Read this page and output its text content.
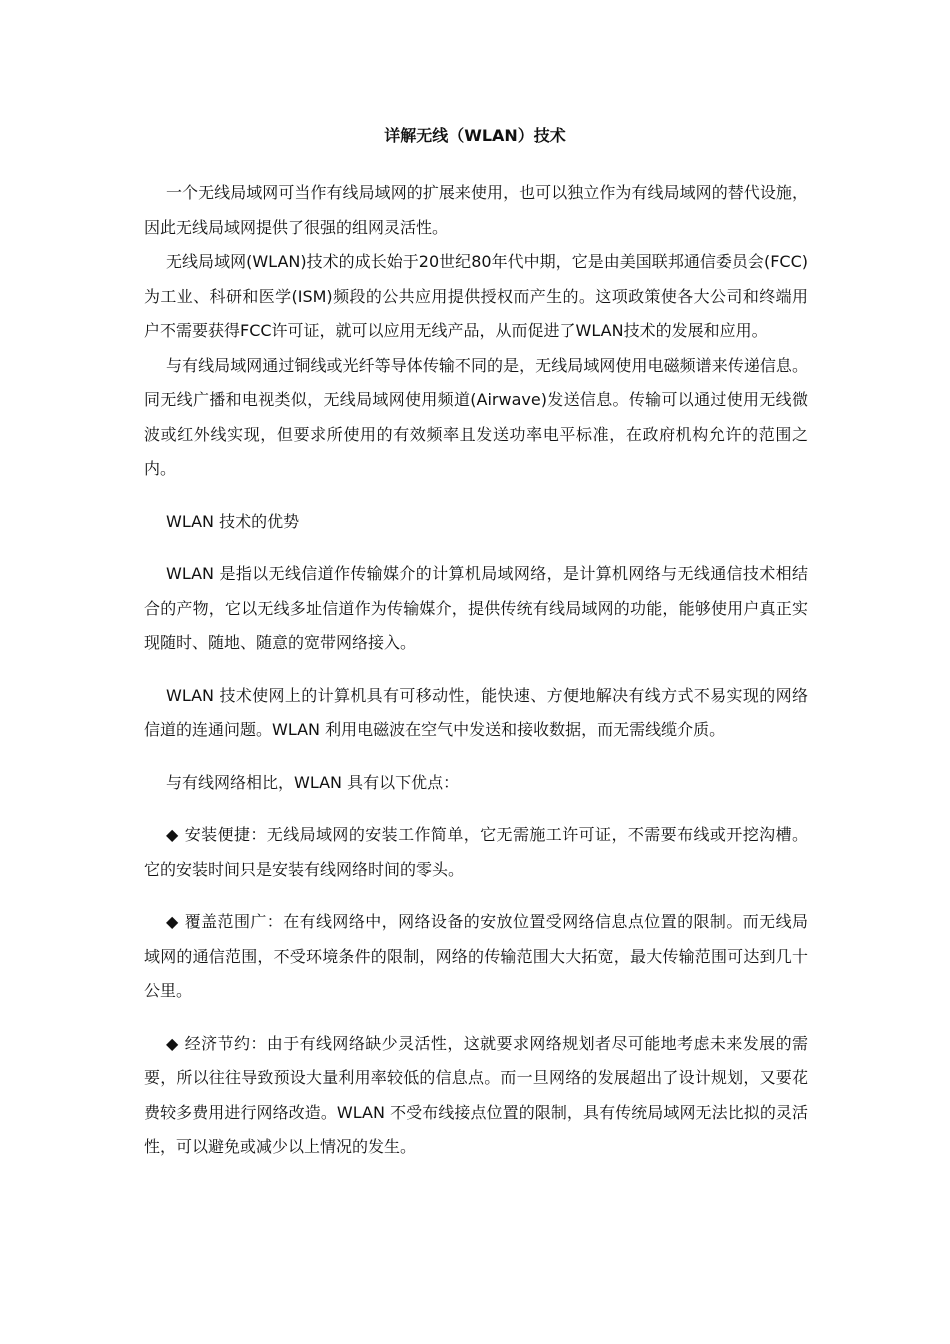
详解无线（WLAN）技术

一个无线局域网可当作有线局域网的扩展来使用，也可以独立作为有线局域网的替代设施，因此无线局域网提供了很强的组网灵活性。

无线局域网(WLAN)技术的成长始于20世纪80年代中期，它是由美国联邦通信委员会(FCC)为工业、科研和医学(ISM)频段的公共应用提供授权而产生的。这项政策使各大公司和终端用户不需要获得FCC许可证，就可以应用无线产品，从而促进了WLAN技术的发展和应用。

与有线局域网通过铜线或光纤等导体传输不同的是，无线局域网使用电磁频谱来传递信息。同无线广播和电视类似，无线局域网使用频道(Airwave)发送信息。传输可以通过使用无线微波或红外线实现，但要求所使用的有效频率且发送功率电平标准，在政府机构允许的范围之内。

WLAN 技术的优势

WLAN 是指以无线信道作传输媒介的计算机局域网络，是计算机网络与无线通信技术相结合的产物，它以无线多址信道作为传输媒介，提供传统有线局域网的功能，能够使用户真正实现随时、随地、随意的宽带网络接入。

WLAN 技术使网上的计算机具有可移动性，能快速、方便地解决有线方式不易实现的网络信道的连通问题。WLAN 利用电磁波在空气中发送和接收数据，而无需线缆介质。

与有线网络相比，WLAN 具有以下优点：

◆ 安装便捷：无线局域网的安装工作简单，它无需施工许可证，不需要布线或开挖沟槽。它的安装时间只是安装有线网络时间的零头。

◆ 覆盖范围广：在有线网络中，网络设备的安放位置受网络信息点位置的限制。而无线局域网的通信范围，不受环境条件的限制，网络的传输范围大大拓宽，最大传输范围可达到几十公里。

◆ 经济节约：由于有线网络缺少灵活性，这就要求网络规划者尽可能地考虑未来发展的需要，所以往往导致预设大量利用率较低的信息点。而一旦网络的发展超出了设计规划，又要花费较多费用进行网络改造。WLAN 不受布线接点位置的限制，具有传统局域网无法比拟的灵活性，可以避免或减少以上情况的发生。
